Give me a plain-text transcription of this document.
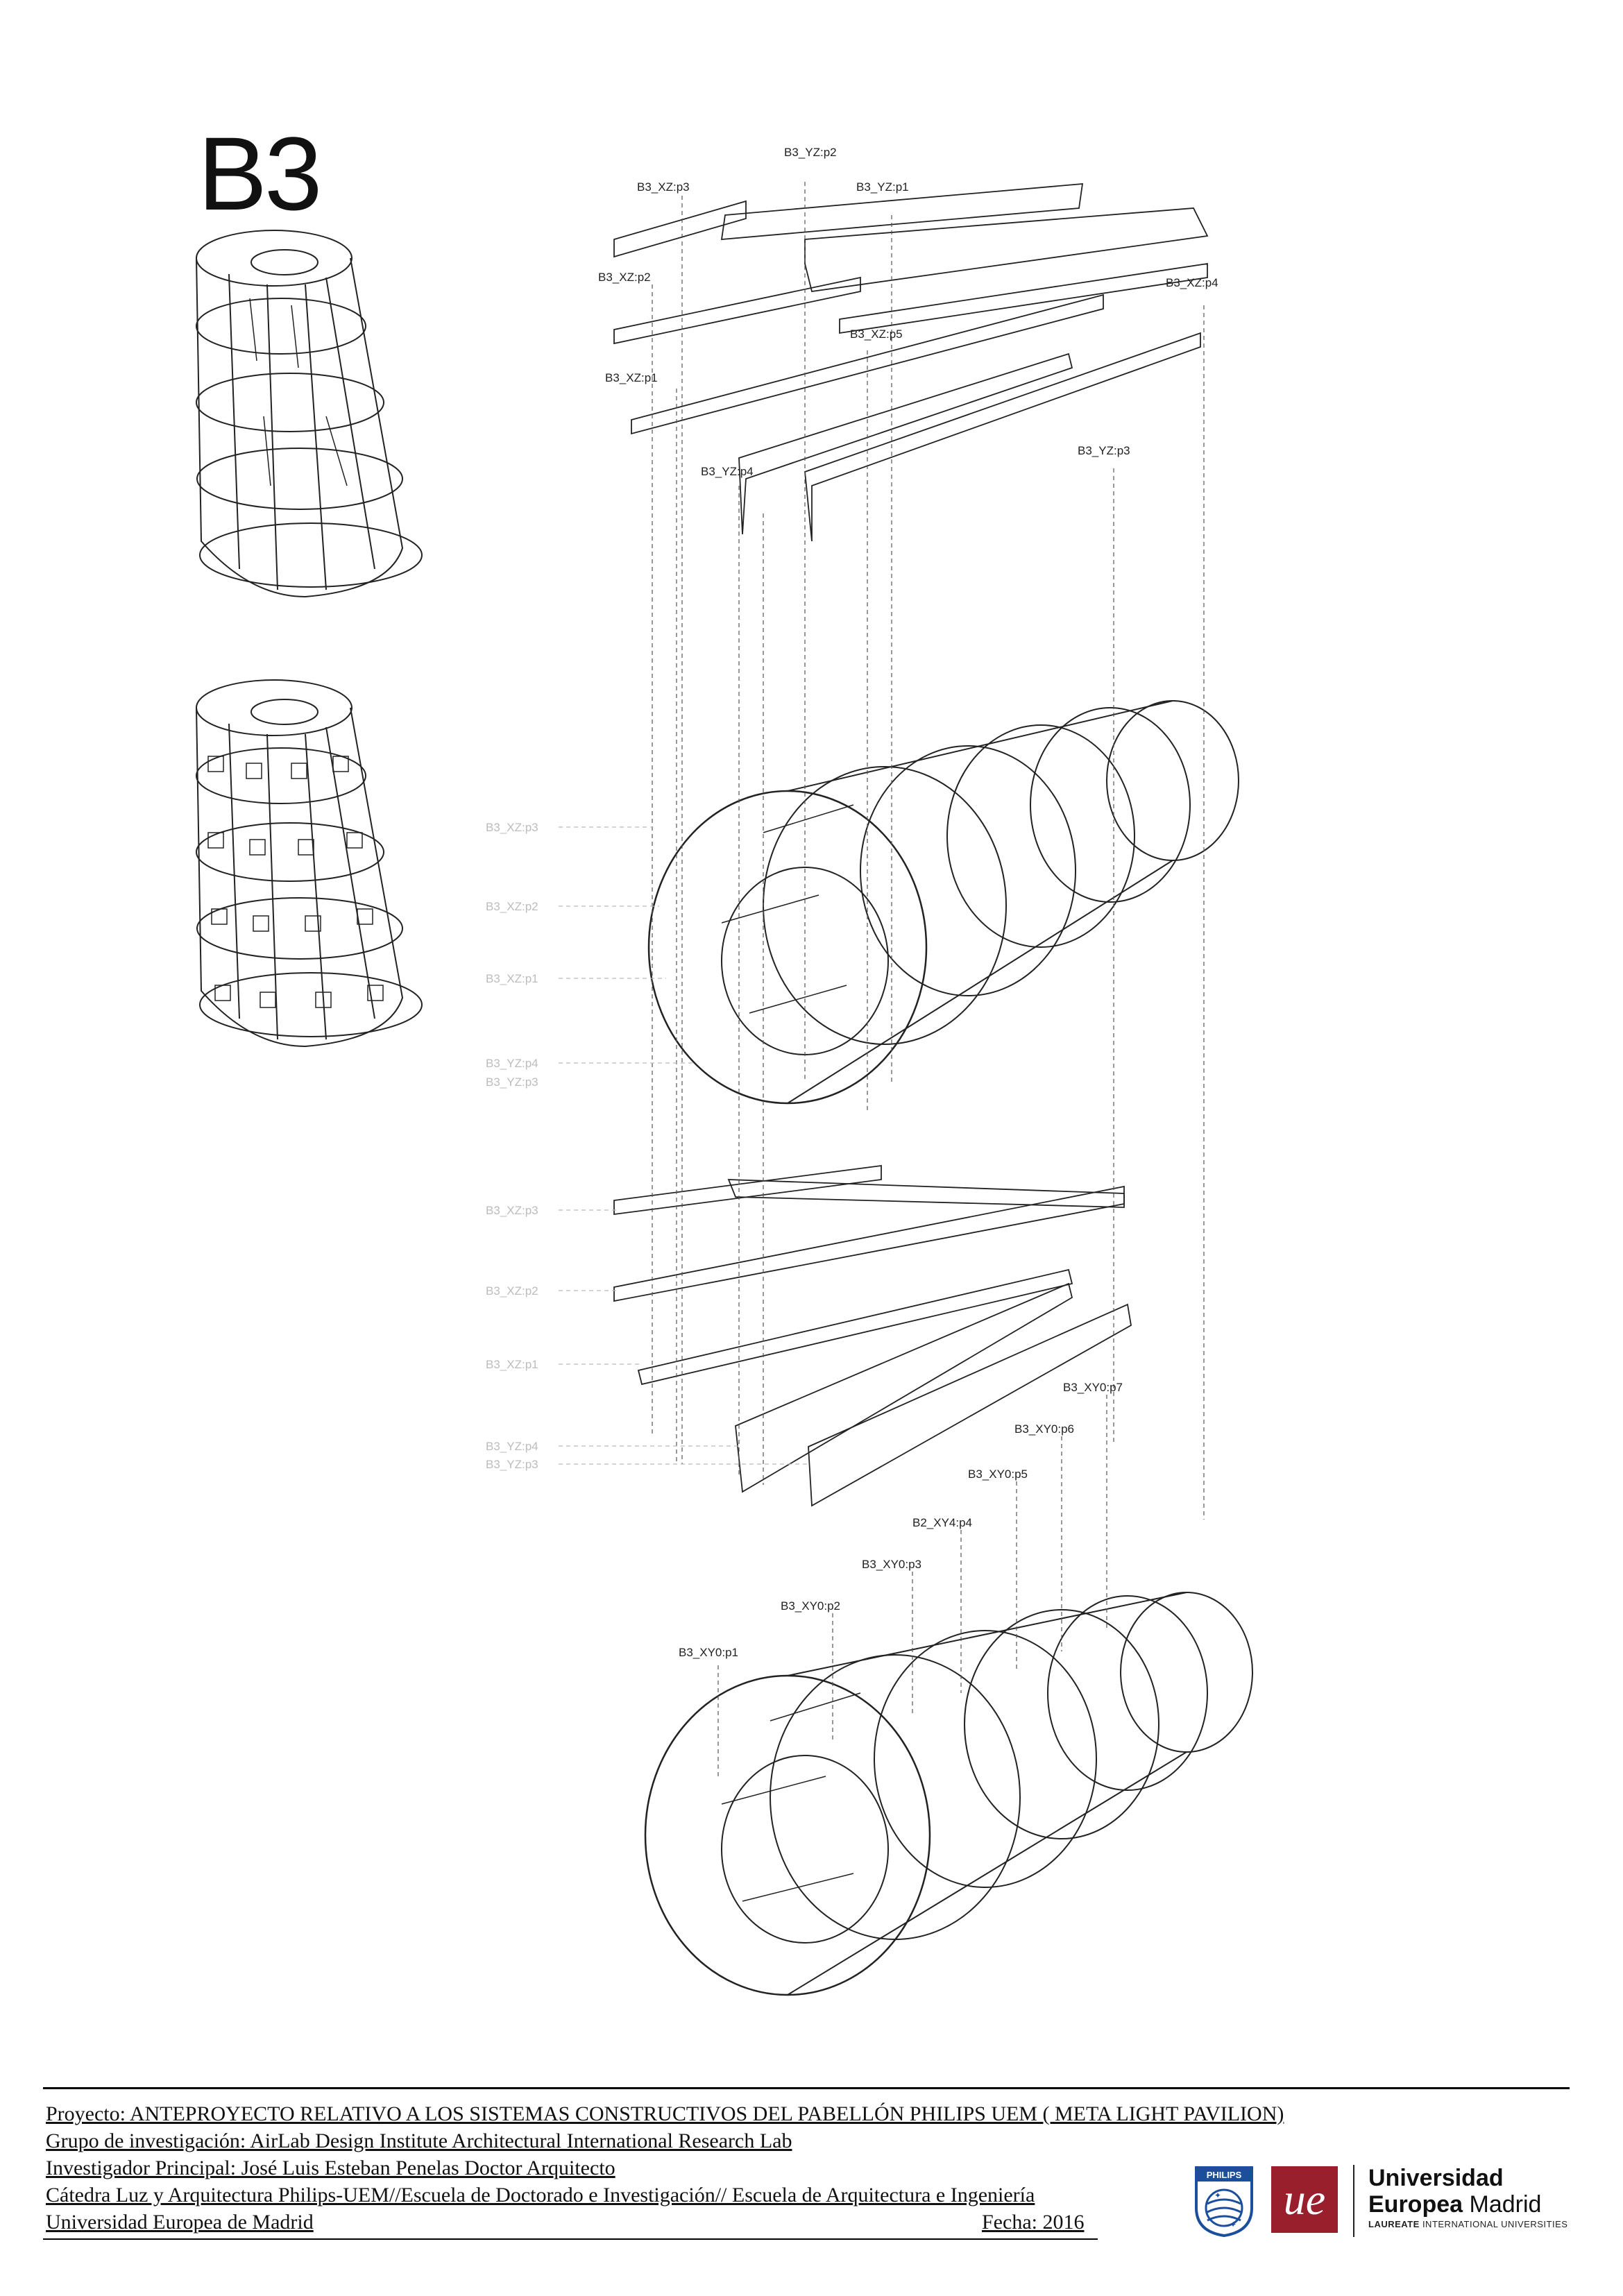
B3	B3_YZ:p2
B3_XZ:p3	B3_YZ:p1
B3_XZ:p2	B3_XZ:p4
B3_XZ:p5
B3_XZ:p1
B3_YZ:p4
B3_YZ:p3
B3_XZ:p3
B3_XZ:p2
B3_XZ:p1
B3_YZ:p4
B3_YZ:p3
B3_XZ:p3
B3_XZ:p2
B3_XZ:p1
B3_YZ:p4
B3_YZ:p3
B3_XY0:p7
B3_XY0:p6
B3_XY0:p5
B2_XY4:p4
B3_XY0:p3
B3_XY0:p2
B3_XY0:p1
Proyecto: ANTEPROYECTO RELATIVO A LOS SISTEMAS CONSTRUCTIVOS DEL PABELLÓN PHILIPS UEM ( META LIGHT PAVILION)
Grupo de investigación: AirLab Design Institute Architectural International Research Lab
Investigador Principal: José Luis Esteban Penelas Doctor Arquitecto
Cátedra Luz y Arquitectura Philips-UEM//Escuela de Doctorado e Investigación// Escuela de Arquitectura e Ingeniería
Universidad Europea de Madrid	Fecha: 2016
PHILIPS
✦
✦
ue	Universidad
Europea Madrid
LAUREATE INTERNATIONAL UNIVERSITIES
